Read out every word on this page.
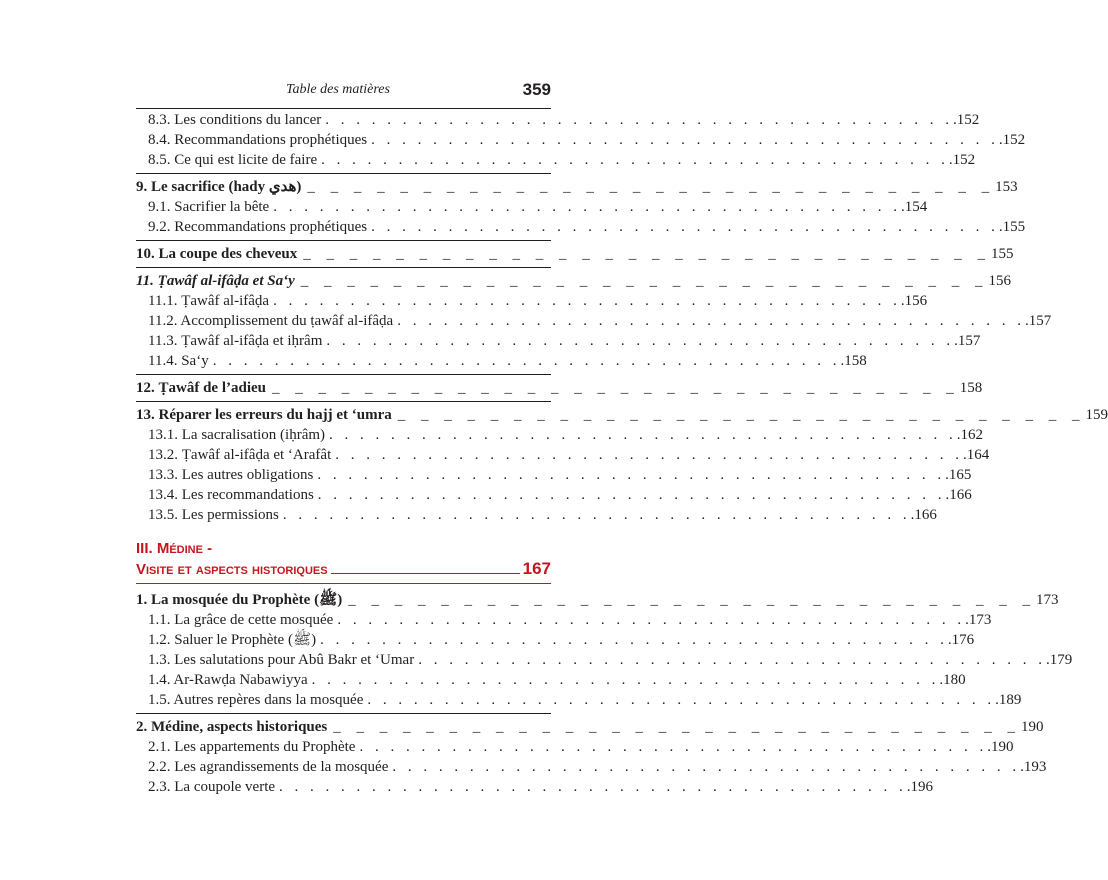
Table des matières	359
8.3. Les conditions du lancer . . .	.152
8.4. Recommandations prophétiques . . .	.152
8.5. Ce qui est licite de faire . . .	.152
9. Le sacrifice (hady هدي) _ _ _	153
9.1. Sacrifier la bête . . .	.154
9.2. Recommandations prophétiques . . .	.155
10. La coupe des cheveux _ _ _	155
11. Ṭawâf al-ifâḍa et Sa‘y _ _ _	156
11.1. Ṭawâf al-ifâḍa . . .	.156
11.2. Accomplissement du ṭawâf al-ifâḍa . . .	.157
11.3. Ṭawâf al-ifâḍa et iḥrâm . . .	.157
11.4. Sa‘y . . .	.158
12. Ṭawâf de l’adieu _ _ _	158
13. Réparer les erreurs du hajj et ‘umra _ _ _	159
13.1. La sacralisation (iḥrâm) . . .	.162
13.2. Ṭawâf al-ifâḍa et ‘Arafât . . .	.164
13.3. Les autres obligations . . .	.165
13.4. Les recommandations . . .	.166
13.5. Les permissions . . .	.166
III. Médine -
Visite et aspects historiques	167
1. La mosquée du Prophète (ﷺ) _ _ _	173
1.1. La grâce de cette mosquée . . .	.173
1.2. Saluer le Prophète (ﷺ) . . .	.176
1.3. Les salutations pour Abû Bakr et ‘Umar . . .	.179
1.4. Ar-Rawḍa Nabawiyya . . .	.180
1.5. Autres repères dans la mosquée . . .	.189
2. Médine, aspects historiques _ _ _	190
2.1. Les appartements du Prophète . . .	.190
2.2. Les agrandissements de la mosquée . . .	.193
2.3. La coupole verte . . .	.196
